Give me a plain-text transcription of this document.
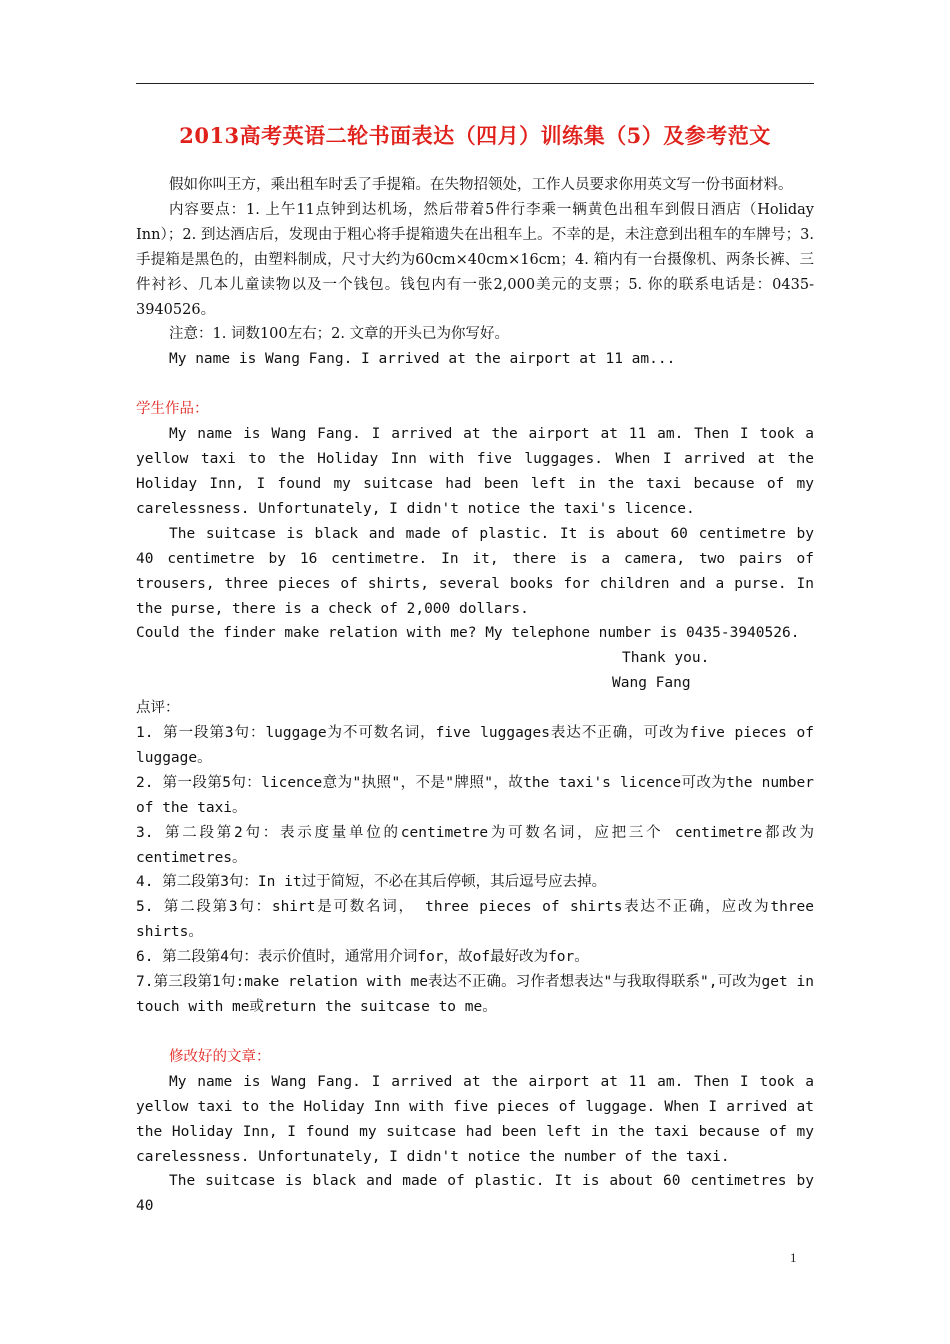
2013高考英语二轮书面表达（四月）训练集（5）及参考范文

假如你叫王方，乘出租车时丢了手提箱。在失物招领处，工作人员要求你用英文写一份书面材料。

内容要点：1. 上午11点钟到达机场，然后带着5件行李乘一辆黄色出租车到假日酒店（Holiday Inn）；2. 到达酒店后，发现由于粗心将手提箱遗失在出租车上。不幸的是，未注意到出租车的车牌号；3. 手提箱是黑色的，由塑料制成，尺寸大约为60cm×40cm×16cm；4. 箱内有一台摄像机、两条长裤、三件衬衫、几本儿童读物以及一个钱包。钱包内有一张2,000美元的支票；5. 你的联系电话是：0435-3940526。

注意：1. 词数100左右；2. 文章的开头已为你写好。

My name is Wang Fang. I arrived at the airport at 11 am...

学生作品：

My name is Wang Fang. I arrived at the airport at 11 am. Then I took a yellow taxi to the Holiday Inn with five luggages. When I arrived at the Holiday Inn, I found my suitcase had been left in the taxi because of my carelessness. Unfortunately, I didn't notice the taxi's licence.

The suitcase is black and made of plastic. It is about 60 centimetre by 40 centimetre by 16 centimetre. In it, there is a camera, two pairs of trousers, three pieces of shirts, several books for children and a purse. In the purse, there is a check of 2,000 dollars.

Could the finder make relation with me? My telephone number is 0435-3940526.

Thank you.

Wang Fang

点评：

1. 第一段第3句：luggage为不可数名词，five luggages表达不正确，可改为five pieces of luggage。

2. 第一段第5句：licence意为"执照"，不是"牌照"，故the taxi's licence可改为the number of the taxi。

3. 第二段第2句：表示度量单位的centimetre为可数名词，应把三个 centimetre都改为centimetres。

4. 第二段第3句：In it过于简短，不必在其后停顿，其后逗号应去掉。

5. 第二段第3句：shirt是可数名词， three pieces of shirts表达不正确，应改为three shirts。

6. 第二段第4句：表示价值时，通常用介词for，故of最好改为for。

7.第三段第1句:make relation with me表达不正确。习作者想表达"与我取得联系",可改为get in touch with me或return the suitcase to me。

修改好的文章：

My name is Wang Fang. I arrived at the airport at 11 am. Then I took a yellow taxi to the Holiday Inn with five pieces of luggage. When I arrived at the Holiday Inn, I found my suitcase had been left in the taxi because of my carelessness. Unfortunately, I didn't notice the number of the taxi.

The suitcase is black and made of plastic. It is about 60 centimetres by 40

1
